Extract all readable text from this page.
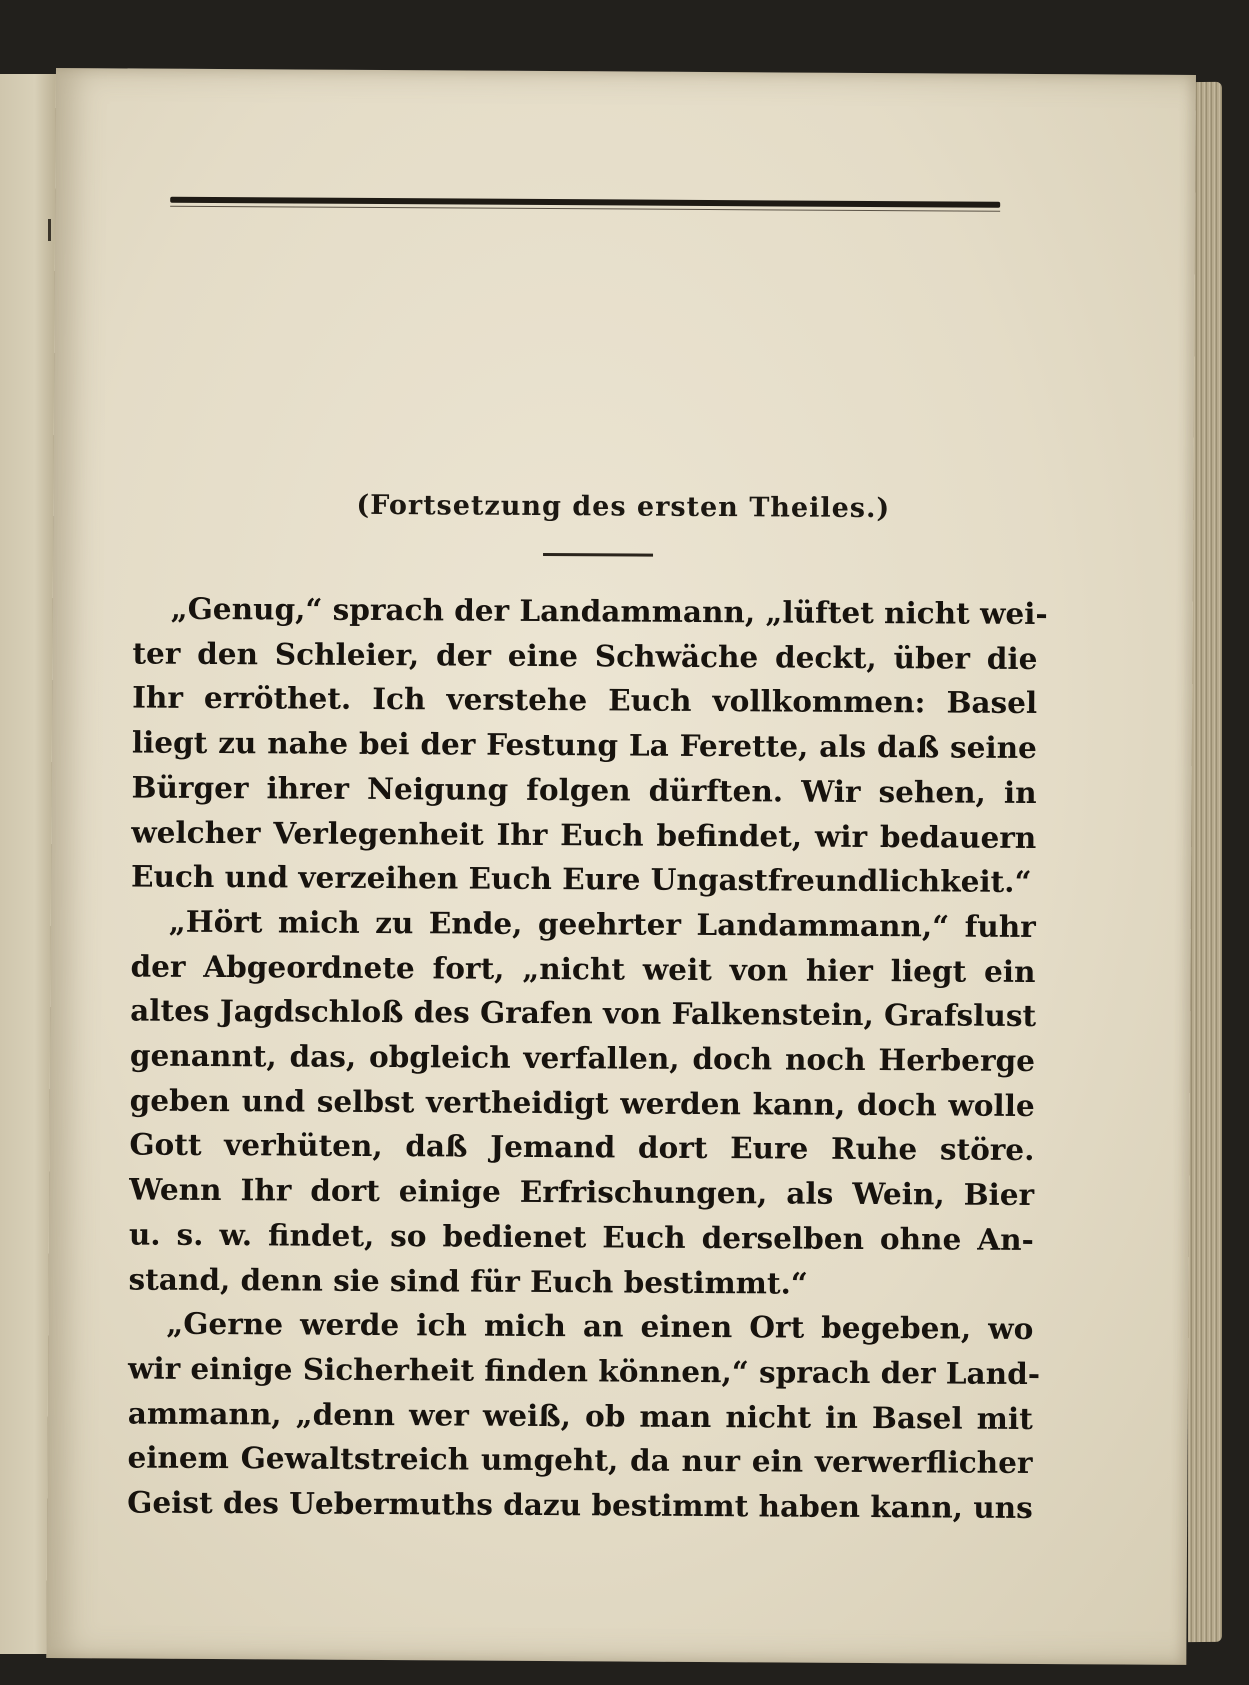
(Fortsetzung des ersten Theiles.)
„Genug,“ sprach der Landammann, „lüftet nicht wei-
ter den Schleier, der eine Schwäche deckt, über die
Ihr erröthet. Ich verstehe Euch vollkommen: Basel
liegt zu nahe bei der Festung La Ferette, als daß seine
Bürger ihrer Neigung folgen dürften. Wir sehen, in
welcher Verlegenheit Ihr Euch befindet, wir bedauern
Euch und verzeihen Euch Eure Ungastfreundlichkeit.“
„Hört mich zu Ende, geehrter Landammann,“ fuhr
der Abgeordnete fort, „nicht weit von hier liegt ein
altes Jagdschloß des Grafen von Falkenstein, Grafslust
genannt, das, obgleich verfallen, doch noch Herberge
geben und selbst vertheidigt werden kann, doch wolle
Gott verhüten, daß Jemand dort Eure Ruhe störe.
Wenn Ihr dort einige Erfrischungen, als Wein, Bier
u. s. w. findet, so bedienet Euch derselben ohne An-
stand, denn sie sind für Euch bestimmt.“
„Gerne werde ich mich an einen Ort begeben, wo
wir einige Sicherheit finden können,“ sprach der Land-
ammann, „denn wer weiß, ob man nicht in Basel mit
einem Gewaltstreich umgeht, da nur ein verwerflicher
Geist des Uebermuths dazu bestimmt haben kann, uns
